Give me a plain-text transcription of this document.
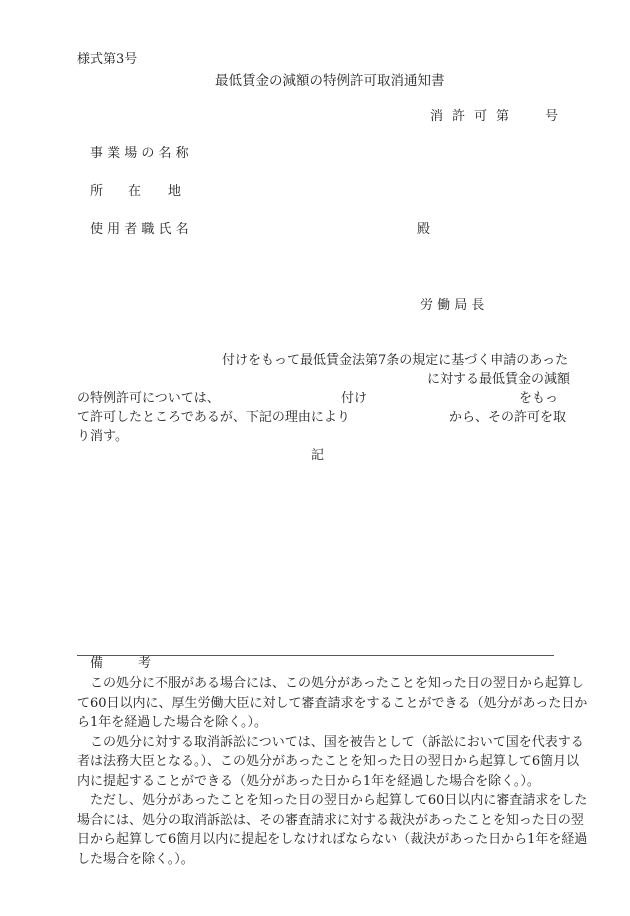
様式第3号
最低賃金の減額の特例許可取消通知書
消 許 可 第	号
事 業 場 の 名 称
所 在 地
使 用 者 職 氏 名	殿
労 働 局 長
付けをもって最低賃金法第7条の規定に基づく申請のあった
に対する最低賃金の減額
の特例許可については、	付け	をもっ
て許可したところであるが、下記の理由により	から、その許可を取
り消す。
記
備	考
この処分に不服がある場合には、この処分があったことを知った日の翌日から起算し
て60日以内に、厚生労働大臣に対して審査請求をすることができる（処分があった日か
ら1年を経過した場合を除く。）。
この処分に対する取消訴訟については、国を被告として（訴訟において国を代表する
者は法務大臣となる。）、この処分があったことを知った日の翌日から起算して6箇月以
内に提起することができる（処分があった日から1年を経過した場合を除く。）。
ただし、処分があったことを知った日の翌日から起算して60日以内に審査請求をした
場合には、処分の取消訴訟は、その審査請求に対する裁決があったことを知った日の翌
日から起算して6箇月以内に提起をしなければならない（裁決があった日から1年を経過
した場合を除く。）。
